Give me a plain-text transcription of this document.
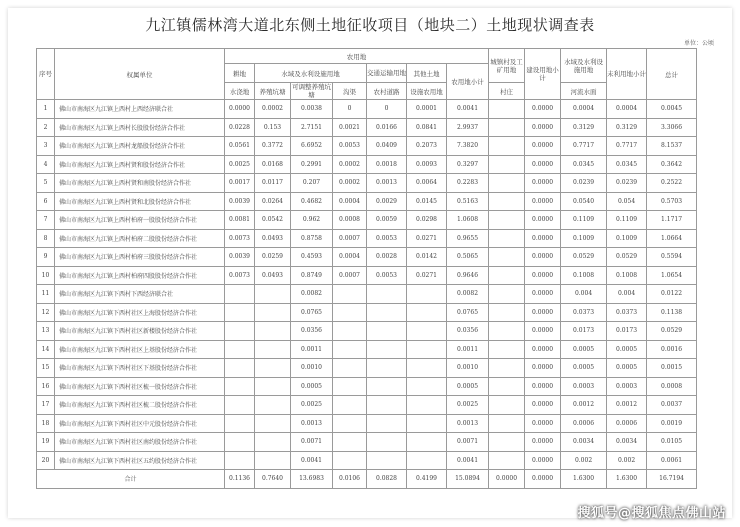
九江镇儒林湾大道北东侧土地征收项目（地块二）土地现状调查表
单位：公顷
序号	权属单位	农用地							城镇村及工矿用地	建设用地小计	水域及水利设施用地	未利用地小计	总计
		耕地	水域及水利设施用地			交通运输用地	其他土地	农用地小计					
		水浇地	养殖坑塘	可调整养殖坑塘	沟渠	农村道路	设施农用地		村庄		河流水面		
1	佛山市南海区九江镇上西村上西经济联合社	0.0000	0.0002	0.0038	0	0	0.0001	0.0041		0.0000	0.0004	0.0004	0.0045
2	佛山市南海区九江镇上西村长股股份经济合作社	0.0228	0.153	2.7151	0.0021	0.0166	0.0841	2.9937		0.0000	0.3129	0.3129	3.3066
3	佛山市南海区九江镇上西村龙船股份经济合作社	0.0561	0.3772	6.6952	0.0053	0.0409	0.2073	7.3820		0.0000	0.7717	0.7717	8.1537
4	佛山市南海区九江镇上西村贤和股份经济合作社	0.0025	0.0168	0.2991	0.0002	0.0018	0.0093	0.3297		0.0000	0.0345	0.0345	0.3642
5	佛山市南海区九江镇上西村贤和南股份经济合作社	0.0017	0.0117	0.207	0.0002	0.0013	0.0064	0.2283		0.0000	0.0239	0.0239	0.2522
6	佛山市南海区九江镇上西村贤和北股份经济合作社	0.0039	0.0264	0.4682	0.0004	0.0029	0.0145	0.5163		0.0000	0.0540	0.054	0.5703
7	佛山市南海区九江镇上西村柏府一股股份经济合作社	0.0081	0.0542	0.962	0.0008	0.0059	0.0298	1.0608		0.0000	0.1109	0.1109	1.1717
8	佛山市南海区九江镇上西村柏府二股股份经济合作社	0.0073	0.0493	0.8758	0.0007	0.0053	0.0271	0.9655		0.0000	0.1009	0.1009	1.0664
9	佛山市南海区九江镇上西村柏府三股股份经济合作社	0.0039	0.0259	0.4593	0.0004	0.0028	0.0142	0.5065		0.0000	0.0529	0.0529	0.5594
10	佛山市南海区九江镇上西村柏府四股股份经济合作社	0.0073	0.0493	0.8749	0.0007	0.0053	0.0271	0.9646		0.0000	0.1008	0.1008	1.0654
11	佛山市南海区九江镇下西村下西经济联合社			0.0082				0.0082		0.0000	0.004	0.004	0.0122
12	佛山市南海区九江镇下西村社区上海股份经济合作社			0.0765				0.0765		0.0000	0.0373	0.0373	0.1138
13	佛山市南海区九江镇下西村社区新楼股份经济合作社			0.0356				0.0356		0.0000	0.0173	0.0173	0.0529
14	佛山市南海区九江镇下西村社区上基股份经济合作社			0.0011				0.0011		0.0000	0.0005	0.0005	0.0016
15	佛山市南海区九江镇下西村社区下基股份经济合作社			0.0010				0.0010		0.0000	0.0005	0.0005	0.0015
16	佛山市南海区九江镇下西村社区梳一股份经济合作社			0.0005				0.0005		0.0000	0.0003	0.0003	0.0008
17	佛山市南海区九江镇下西村社区梳二股份经济合作社			0.0025				0.0025		0.0000	0.0012	0.0012	0.0037
18	佛山市南海区九江镇下西村社区中元股份经济合作社			0.0013				0.0013		0.0000	0.0006	0.0006	0.0019
19	佛山市南海区九江镇下西村社区南约股份经济合作社			0.0071				0.0071		0.0000	0.0034	0.0034	0.0105
20	佛山市南海区九江镇下西村社区五约股份经济合作社			0.0041				0.0041		0.0000	0.002	0.002	0.0061
合计		0.1136	0.7640	13.6983	0.0106	0.0828	0.4199	15.0894	0.0000	0.0000	1.6300	1.6300	16.7194
搜狐号@搜狐焦点佛山站
